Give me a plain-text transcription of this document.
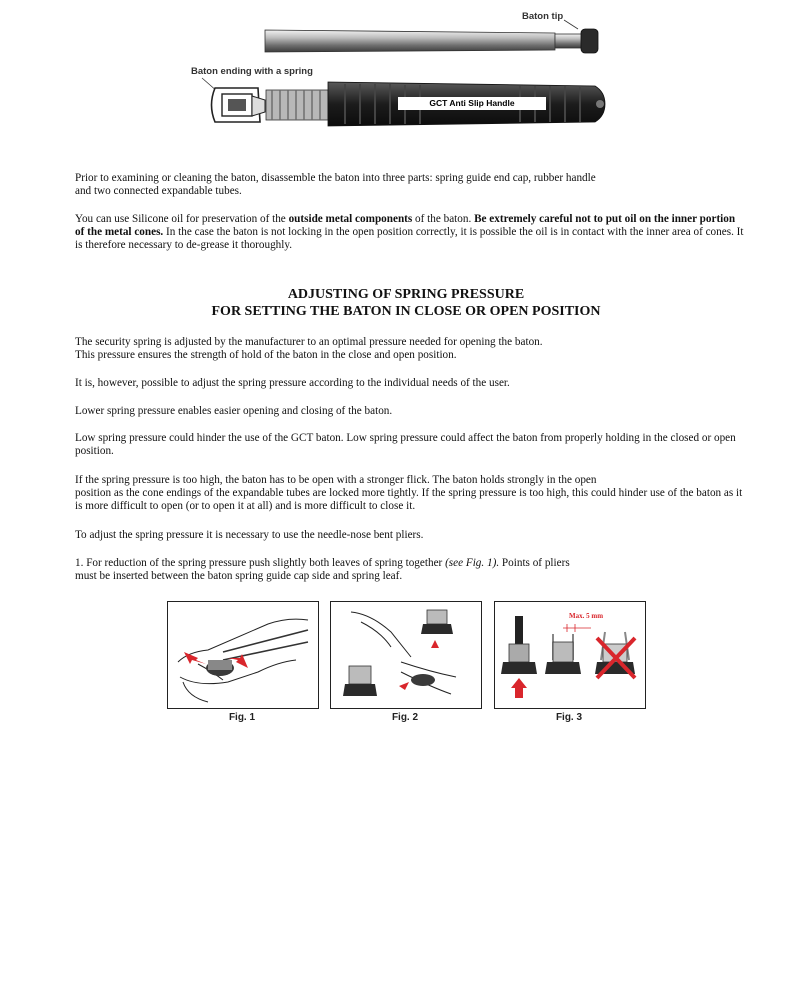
Baton tip
Baton ending with a spring
GCT Anti Slip Handle

Prior to examining or cleaning the baton, disassemble the baton into three parts: spring guide end cap, rubber handle
and two connected expandable tubes.

You can use Silicone oil for preservation of the outside metal components of the baton. Be extremely careful not to put oil on the inner portion of the metal cones. In the case the baton is not locking in the open position correctly, it is possible the oil is in contact with the inner area of cones. It is therefore necessary to de-grease it thoroughly.

ADJUSTING OF SPRING PRESSURE
FOR SETTING THE BATON IN CLOSE OR OPEN POSITION

The security spring is adjusted by the manufacturer to an optimal pressure needed for opening the baton.
This pressure ensures the strength of hold of the baton in the close and open position.

It is, however, possible to adjust the spring pressure according to the individual needs of the user.

Lower spring pressure enables easier opening and closing of the baton.

Low spring pressure could hinder the use of the GCT baton. Low spring pressure could affect the baton from properly holding in the closed or open position.

If the spring pressure is too high, the baton has to be open with a stronger flick. The baton holds strongly in the open
position as the cone endings of the expandable tubes are locked more tightly. If the spring pressure is too high, this could hinder use of the baton as it is more difficult to open (or to open it at all) and is more difficult to close it.

To adjust the spring pressure it is necessary to use the needle-nose bent pliers.

1. For reduction of the spring pressure push slightly both leaves of spring together (see Fig. 1). Points of pliers
must be inserted between the baton spring guide cap side and spring leaf.

Fig. 1	Fig. 2
Max. 5 mm
Fig. 3
